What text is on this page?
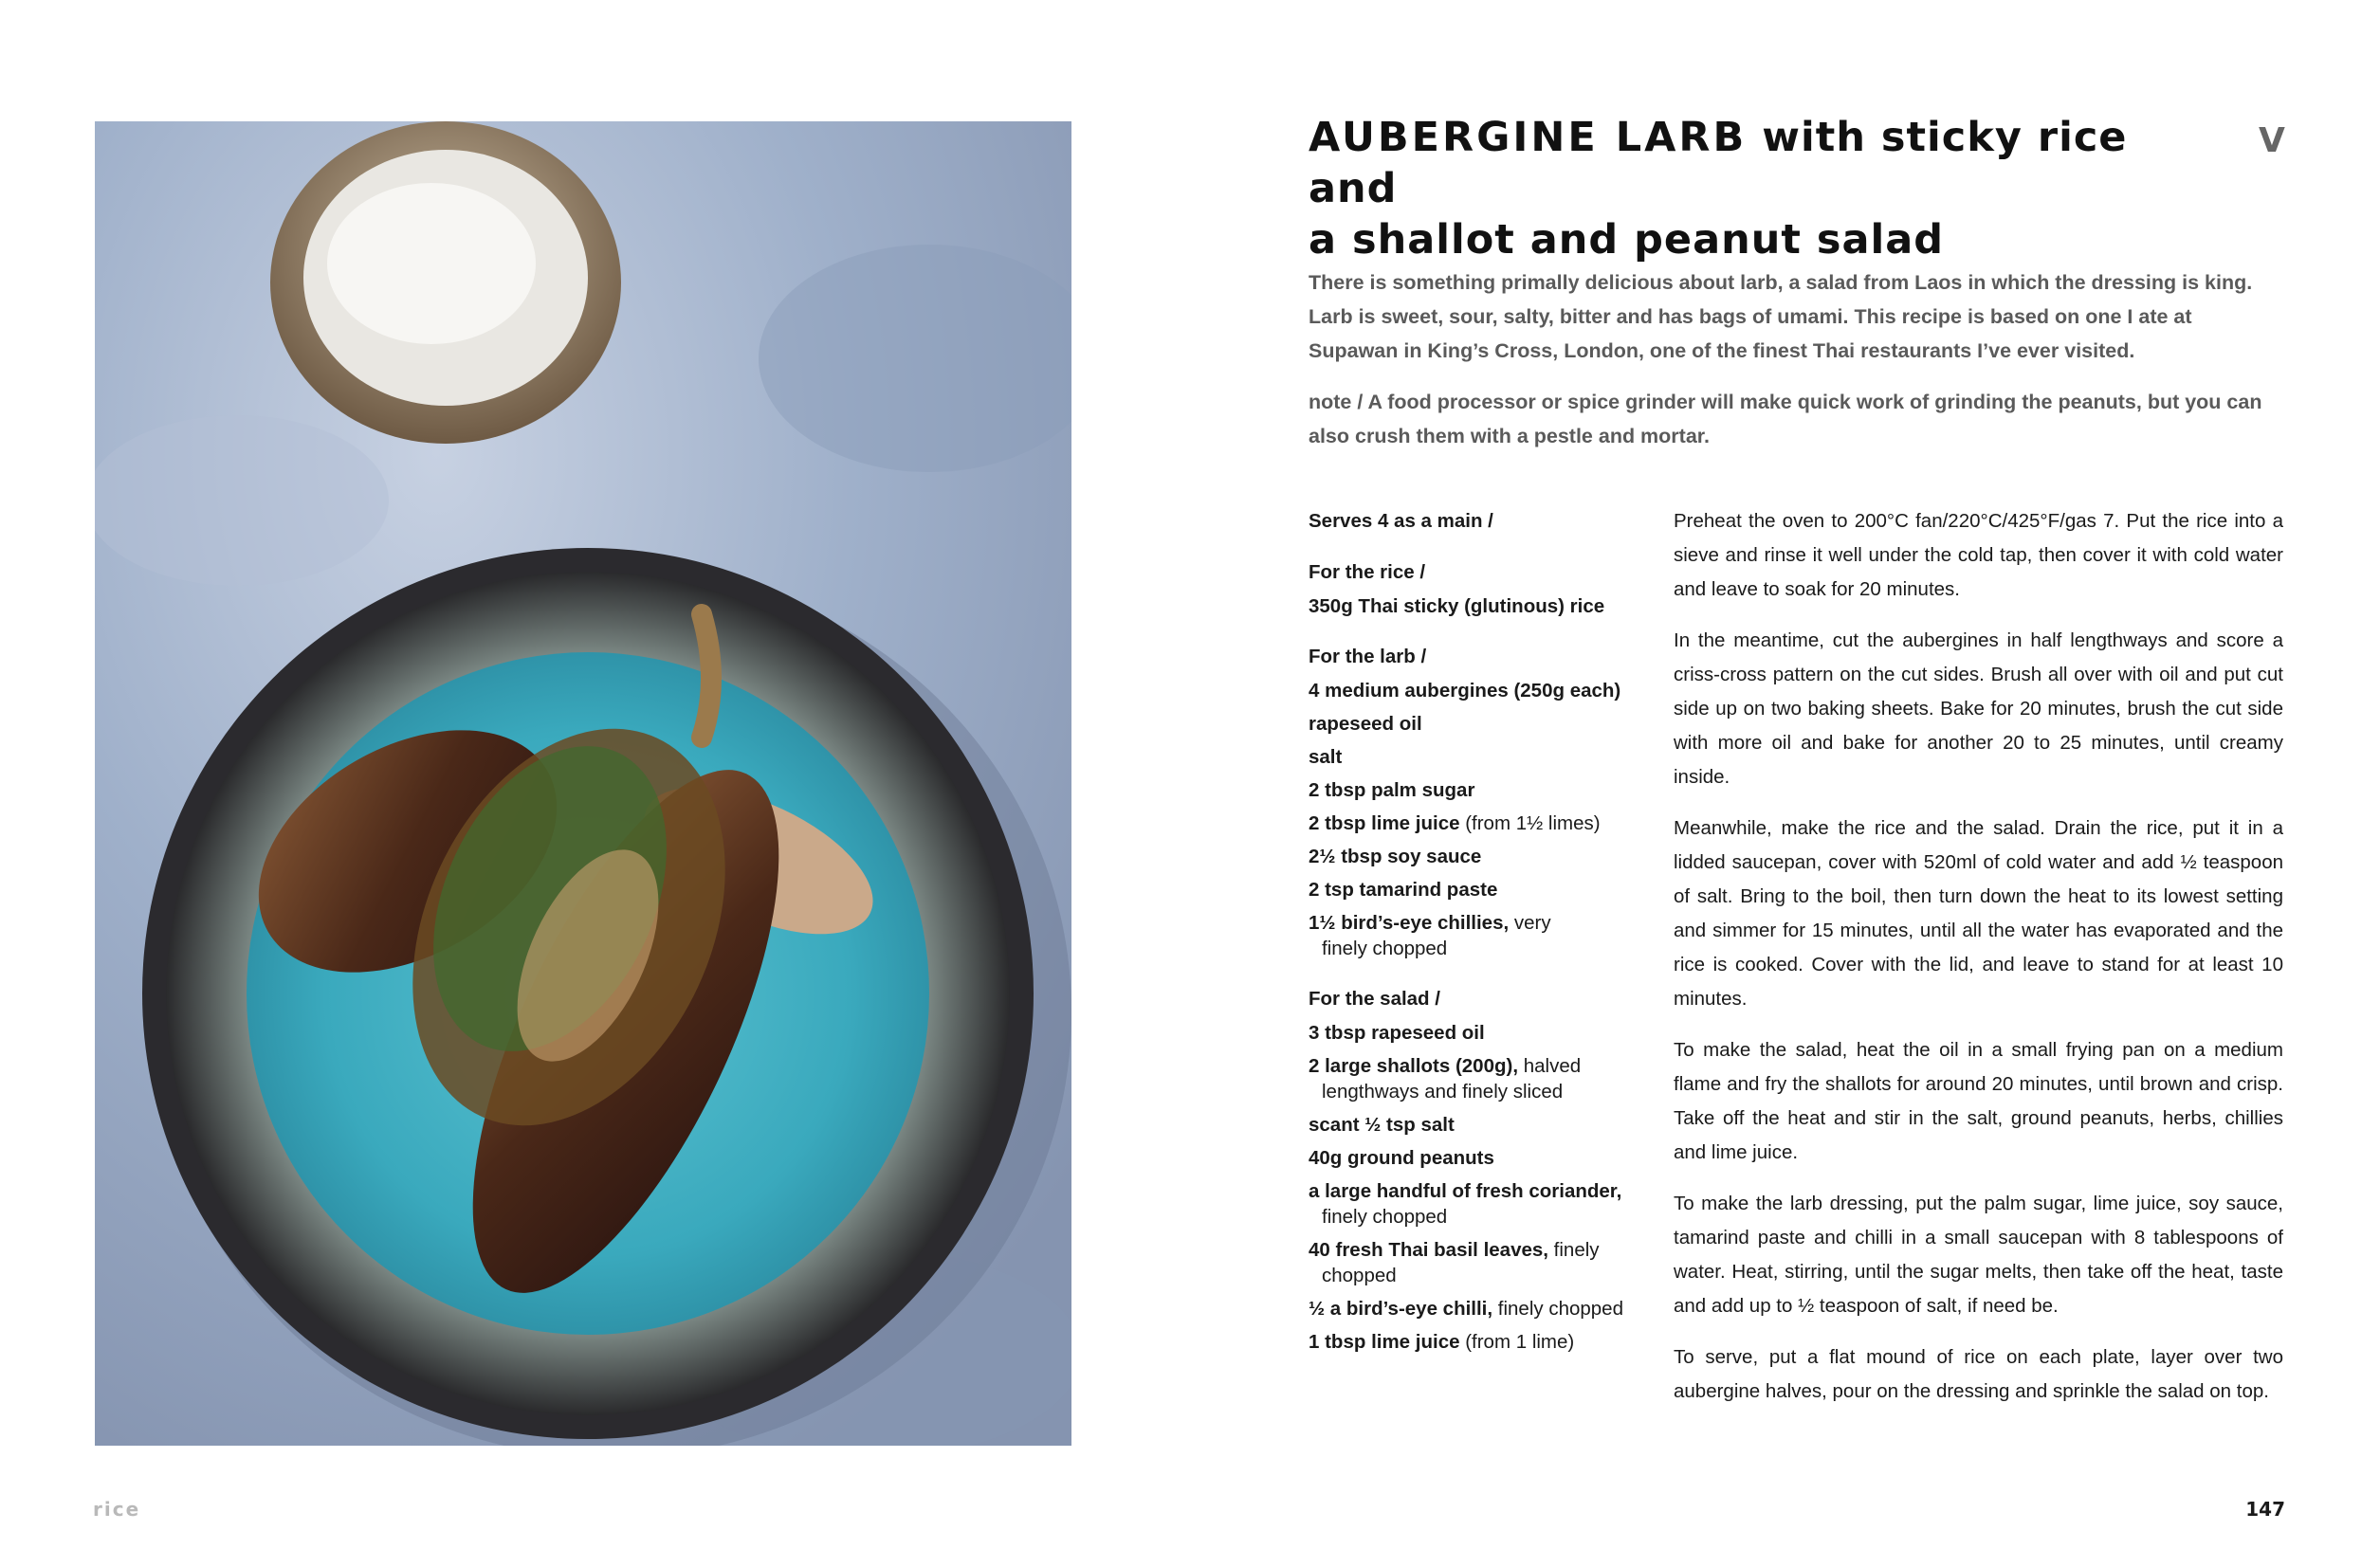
AUBERGINE LARB with sticky rice and
a shallot and peanut salad
V

There is something primally delicious about larb, a salad from Laos in which the dressing is king. Larb is sweet, sour, salty, bitter and has bags of umami. This recipe is based on one I ate at Supawan in King’s Cross, London, one of the finest Thai restaurants I’ve ever visited.

note / A food processor or spice grinder will make quick work of grinding the peanuts, but you can also crush them with a pestle and mortar.

Serves 4 as a main /
For the rice /
350g Thai sticky (glutinous) rice
For the larb /
4 medium aubergines (250g each)
rapeseed oil
salt
2 tbsp palm sugar
2 tbsp lime juice (from 1½ limes)
2½ tbsp soy sauce
2 tsp tamarind paste
1½ bird’s-eye chillies, very
finely chopped
For the salad /
3 tbsp rapeseed oil
2 large shallots (200g), halved
lengthways and finely sliced
scant ½ tsp salt
40g ground peanuts
a large handful of fresh coriander,
finely chopped
40 fresh Thai basil leaves, finely
chopped
½ a bird’s-eye chilli, finely chopped
1 tbsp lime juice (from 1 lime)

Preheat the oven to 200°C fan/220°C/425°F/gas 7. Put the rice into a sieve and rinse it well under the cold tap, then cover it with cold water and leave to soak for 20 minutes.

In the meantime, cut the aubergines in half lengthways and score a criss-cross pattern on the cut sides. Brush all over with oil and put cut side up on two baking sheets. Bake for 20 minutes, brush the cut side with more oil and bake for another 20 to 25 minutes, until creamy inside.

Meanwhile, make the rice and the salad. Drain the rice, put it in a lidded saucepan, cover with 520ml of cold water and add ½ teaspoon of salt. Bring to the boil, then turn down the heat to its lowest setting and simmer for 15 minutes, until all the water has evaporated and the rice is cooked. Cover with the lid, and leave to stand for at least 10 minutes.

To make the salad, heat the oil in a small frying pan on a medium flame and fry the shallots for around 20 minutes, until brown and crisp. Take off the heat and stir in the salt, ground peanuts, herbs, chillies and lime juice.

To make the larb dressing, put the palm sugar, lime juice, soy sauce, tamarind paste and chilli in a small saucepan with 8 tablespoons of water. Heat, stirring, until the sugar melts, then take off the heat, taste and add up to ½ teaspoon of salt, if need be.

To serve, put a flat mound of rice on each plate, layer over two aubergine halves, pour on the dressing and sprinkle the salad on top.

rice	147
